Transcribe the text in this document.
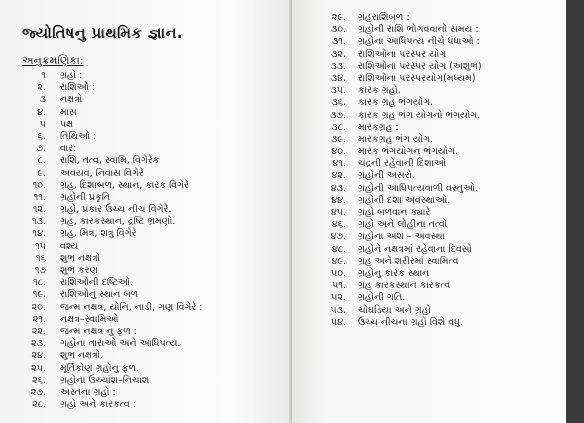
જ્યોતિષનુ પ્રાથમિક જ્ઞાન.
અનુક્રમણિકા:
૧ ગ્રહો :
૨. રાશિઓ :
૩ નક્ષત્રો
૪. માસ
૫ પક્ષ
૬. તિથિઓ :
૭. વાર:
૮. રાશિ, તત્વ, સ્વામિ, વિગેરેક
૯. અવયવ, નિવાસ વિગેરે
૧૦. ગ્રહ, દિશાબળ, સ્થાન, કારક વિગેરે
૧૧. ગ્રહોની પ્રકૃતિ
૧૨. ગ્રહો, પ્રકાર ઉચ્ચ નીચ વિગેરે.
૧૩. ગ્રહ, કારકસ્થાન, દ્રષ્ટિ ભ્રમણો.
૧૪. ગ્રહ, મિત્ર, શત્રુ વિગેરે
૧૫ વશ્ય
૧૬ શુભ નક્ષત્રો
૧૭ શુભ કરણ
૧૮. રાશિઓની દષ્ટિઓ.
૧૯. રાશિઓનું સ્થાન બળ
૨૦. જન્મ નક્ષત્ર, યોનિ, નાડી, ગણ વિગેરે :
૨૧. નક્ષત્ર–સ્વામિઓ
૨૨. જન્મ નક્ષત્ર નુ ફળ :
૨૩. ગહોના તારાઓ અને આધિપત્ય.
૨૪. શુભ નક્ષત્રો.
૨૫. મૂર્તિકોણ ગ્રહોનુ ફળ.
૨૬. ગ્રહોના ઉચ્ચાંશ–નિચાંશ
૨૭. અસ્તના ગ્રહો :
૨૮. ગ્રહો અને કારકત્વ :
૨૯. ગ્રહરાશિબળ :
૩૦. ગ્રહોની રાશિ ભોગવવાનો સમય :
૩૧. ગ્રહોના આધિપત્ય નીચે ધંધાઓ :
૩૨. રાશિઓના પરસ્પર યોગ
૩૩. રાશિઓના પરસ્પર યોગ (અશુભ)
૩૪. રાશિઓના પરસ્પરયોગ(મધ્યમ)
૩૫. કારક ગ્રહો.
૩૬. કારક ગ્રહ ભંગયોગ.
૩૭. કારક ગ્રહ ભંગ યોગનો ભંગયોગ.
૩૮. મારકગ્રહ :
૩૯. મારકગ્રહ ભંગ યોગ.
૪૦. મારક ભંગયોગન ભંગયોગ.
૪૧. ચંદ્રની રહેવાની દિશાઓ
૪૨. ગ્રહોની અસરો.
૪૩. ગ્રહોની આધિપત્યવાળી વસ્તુઓ.
૪૪. ગ્રહોની દશા અવસ્થાઓ.
૪૫. ગ્રહો બળવાન ક્યારે
૪૬. ગ્રહો અને લોહીના તત્વો
૪૭. ગ્રહોના અંશ – અવસ્થા
૪૮. ગ્રહોને નક્ષત્રમાં રહેવાના દિવસો
૪૯. ગ્રહ અને શરીરમાં સ્વામિત્વ
૫૦. ગ્રહોનુ કારક સ્થાન
૫૧. ગ્રહ કારકસ્થાન કારકત્વ
૫૨. ગ્રહોની ગતિ.
૫૩. ચોઘડિયા અને ગ્રહો
૫૪. ઉચ્ચ નીચના ગ્રહો વિશે વધુ.
